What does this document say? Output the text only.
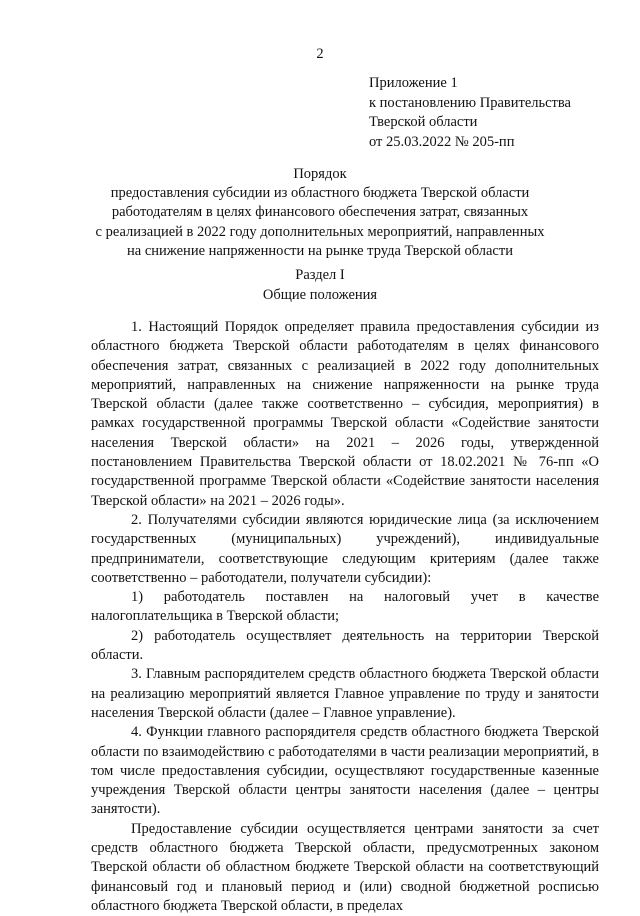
2
Приложение 1
к постановлению Правительства
Тверской области
от 25.03.2022 № 205-пп
Порядок
предоставления субсидии из областного бюджета Тверской области
работодателям в целях финансового обеспечения затрат, связанных
с реализацией в 2022 году дополнительных мероприятий, направленных
на снижение напряженности на рынке труда Тверской области
Раздел I
Общие положения

1. Настоящий Порядок определяет правила предоставления субсидии из областного бюджета Тверской области работодателям в целях финансового обеспечения затрат, связанных с реализацией в 2022 году дополнительных мероприятий, направленных на снижение напряженности на рынке труда Тверской области (далее также соответственно – субсидия, мероприятия) в рамках государственной программы Тверской области «Содействие занятости населения Тверской области» на 2021 – 2026 годы, утвержденной постановлением Правительства Тверской области от 18.02.2021 № 76-пп «О государственной программе Тверской области «Содействие занятости населения Тверской области» на 2021 – 2026 годы».

2. Получателями субсидии являются юридические лица (за исключением государственных (муниципальных) учреждений), индивидуальные предприниматели, соответствующие следующим критериям (далее также соответственно – работодатели, получатели субсидии):

1) работодатель поставлен на налоговый учет в качестве налогоплательщика в Тверской области;

2) работодатель осуществляет деятельность на территории Тверской области.

3. Главным распорядителем средств областного бюджета Тверской области на реализацию мероприятий является Главное управление по труду и занятости населения Тверской области (далее – Главное управление).

4. Функции главного распорядителя средств областного бюджета Тверской области по взаимодействию с работодателями в части реализации мероприятий, в том числе предоставления субсидии, осуществляют государственные казенные учреждения Тверской области центры занятости населения (далее – центры занятости).

Предоставление субсидии осуществляется центрами занятости за счет средств областного бюджета Тверской области, предусмотренных законом Тверской области об областном бюджете Тверской области на соответствующий финансовый год и плановый период и (или) сводной бюджетной росписью областного бюджета Тверской области, в пределах
